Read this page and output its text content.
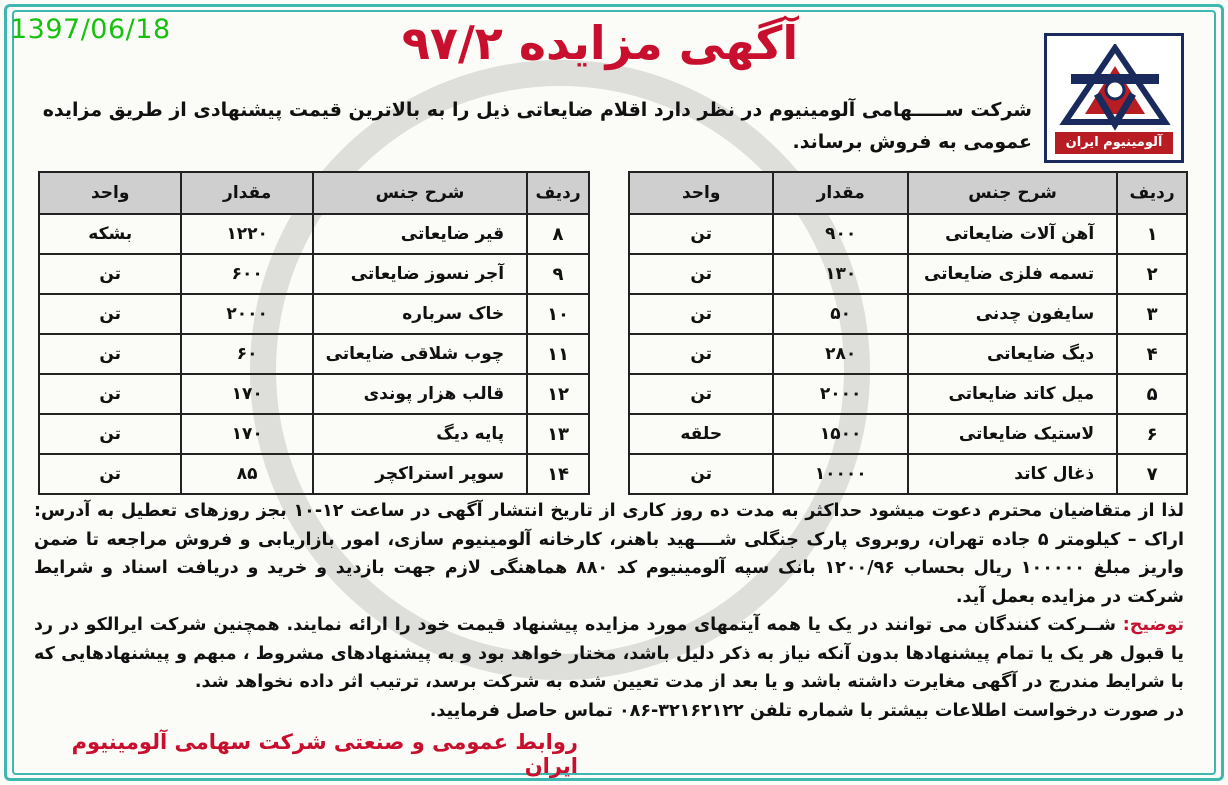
1397/06/18	آگهی مزایده ۹۷/۲
آلومینیوم ایران
شرکت ســـــهامی آلومینیوم در نظر دارد اقلام ضایعاتی ذیل را به بالاترین قیمت پیشنهادی از طریق مزایده عمومی به فروش برساند.
ردیف	شرح جنس	مقدار	واحد
۱	آهن آلات ضایعاتی	۹۰۰	تن
۲	تسمه فلزی ضایعاتی	۱۳۰	تن
۳	سایفون چدنی	۵۰	تن
۴	دیگ ضایعاتی	۲۸۰	تن
۵	میل کاتد ضایعاتی	۲۰۰۰	تن
۶	لاستیک ضایعاتی	۱۵۰۰	حلقه
۷	ذغال کاتد	۱۰۰۰۰	تن
ردیف	شرح جنس	مقدار	واحد
۸	قیر ضایعاتی	۱۲۲۰	بشکه
۹	آجر نسوز ضایعاتی	۶۰۰	تن
۱۰	خاک سرباره	۲۰۰۰	تن
۱۱	چوب شلاقی ضایعاتی	۶۰	تن
۱۲	قالب هزار پوندی	۱۷۰	تن
۱۳	پایه دیگ	۱۷۰	تن
۱۴	سوپر استراکچر	۸۵	تن

لذا از متقاضیان محترم دعوت میشود حداکثر به مدت ده روز کاری از تاریخ انتشار آگهی در ساعت ۱۲-۱۰ بجز روزهای تعطیل به آدرس: اراک – کیلومتر ۵ جاده تهران، روبروی پارک جنگلی شــــهید باهنر، کارخانه آلومینیوم سازی، امور بازاریابی و فروش مراجعه تا ضمن واریز مبلغ ۱۰۰۰۰۰ ریال بحساب ۱۲۰۰/۹۶ بانک سپه آلومینیوم کد ۸۸۰ هماهنگی لازم جهت بازدید و خرید و دریافت اسناد و شرایط شرکت در مزایده بعمل آید.

توضیح: شــرکت کنندگان می توانند در یک یا همه آیتمهای مورد مزایده پیشنهاد قیمت خود را ارائه نمایند. همچنین شرکت ایرالکو در رد یا قبول هر یک یا تمام پیشنهادها بدون آنکه نیاز به ذکر دلیل باشد، مختار خواهد بود و به پیشنهادهای مشروط ، مبهم و پیشنهادهایی که با شرایط مندرج در آگهی مغایرت داشته باشد و یا بعد از مدت تعیین شده به شرکت برسد، ترتیب اثر داده نخواهد شد.

در صورت درخواست اطلاعات بیشتر با شماره تلفن ۳۲۱۶۲۱۲۲-۰۸۶ تماس حاصل فرمایید.

روابط عمومی و صنعتی شرکت سهامی آلومینیوم ایران
